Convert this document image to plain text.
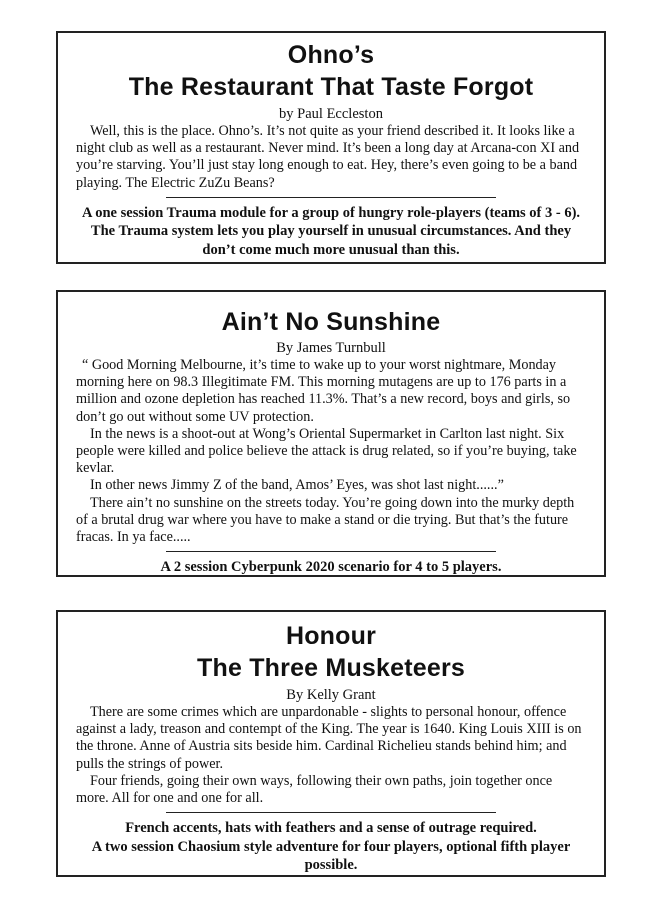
Ohno’s
The Restaurant That Taste Forgot
by Paul Eccleston
Well, this is the place. Ohno’s. It’s not quite as your friend described it. It looks like a night club as well as a restaurant. Never mind. It’s been a long day at Arcana-con XI and you’re starving. You’ll just stay long enough to eat. Hey, there’s even going to be a band playing. The Electric ZuZu Beans?
A one session Trauma module for a group of hungry role-players (teams of 3 - 6). The Trauma system lets you play yourself in unusual circumstances. And they don’t come much more unusual than this.
Ain’t No Sunshine
By James Turnbull
“ Good Morning Melbourne, it’s time to wake up to your worst nightmare, Monday morning here on 98.3 Illegitimate FM. This morning mutagens are up to 176 parts in a million and ozone depletion has reached 11.3%. That’s a new record, boys and girls, so don’t go out without some UV protection.
In the news is a shoot-out at Wong’s Oriental Supermarket in Carlton last night. Six people were killed and police believe the attack is drug related, so if you’re buying, take kevlar.
In other news Jimmy Z of the band, Amos’ Eyes, was shot last night......”
There ain’t no sunshine on the streets today. You’re going down into the murky depth of a brutal drug war where you have to make a stand or die trying. But that’s the future fracas. In ya face.....
A 2 session Cyberpunk 2020 scenario for 4 to 5 players.
Honour
The Three Musketeers
By Kelly Grant
There are some crimes which are unpardonable - slights to personal honour, offence against a lady, treason and contempt of the King. The year is 1640. King Louis XIII is on the throne. Anne of Austria sits beside him. Cardinal Richelieu stands behind him; and pulls the strings of power.
Four friends, going their own ways, following their own paths, join together once more. All for one and one for all.
French accents, hats with feathers and a sense of outrage required.
A two session Chaosium style adventure for four players, optional fifth player possible.
